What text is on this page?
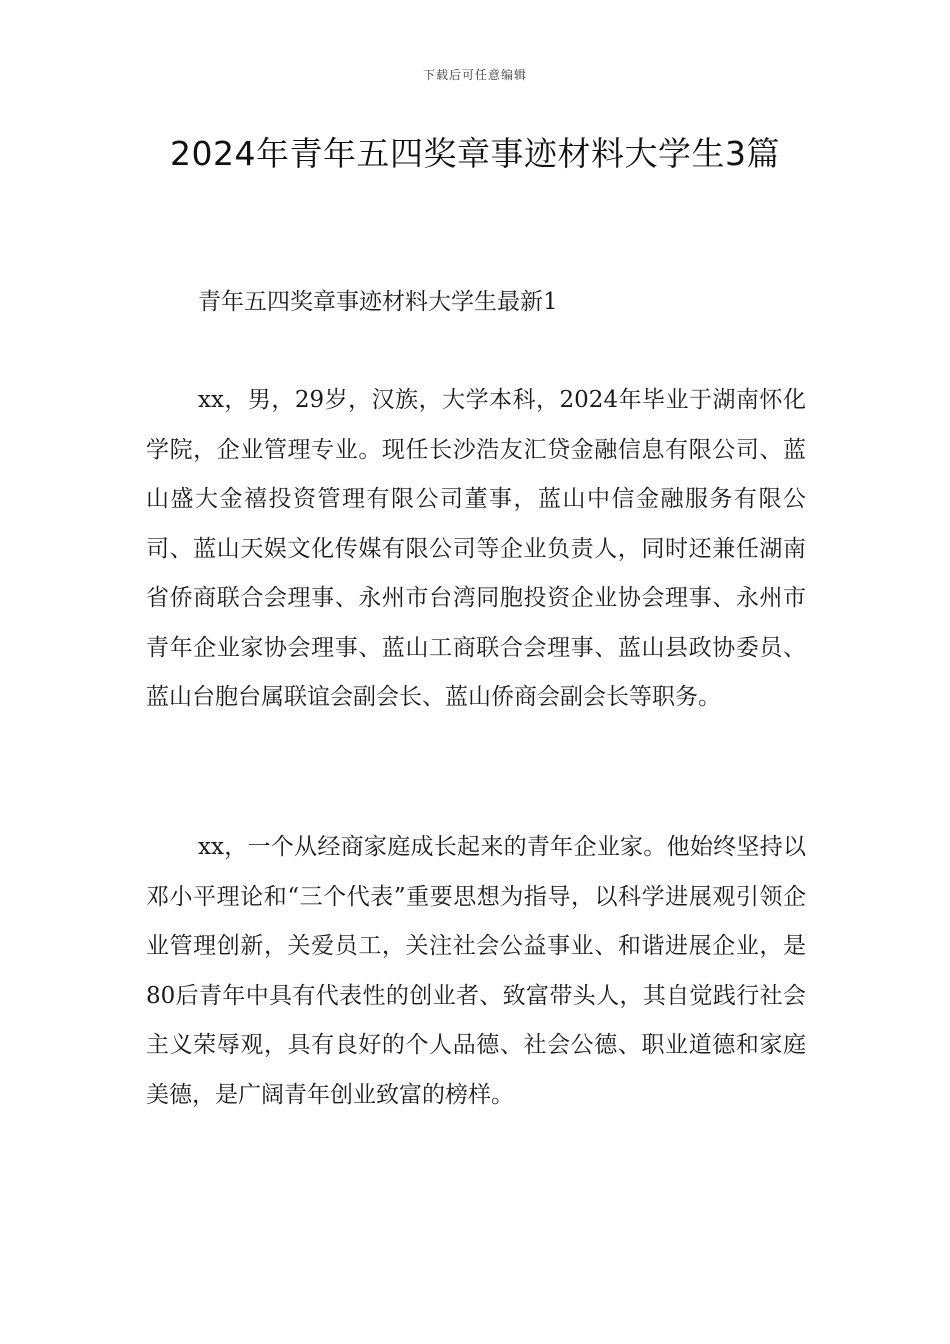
下载后可任意编辑
2024年青年五四奖章事迹材料大学生3篇
青年五四奖章事迹材料大学生最新1

xx，男，29岁，汉族，大学本科，2024年毕业于湖南怀化学院，企业管理专业。现任长沙浩友汇贷金融信息有限公司、蓝山盛大金禧投资管理有限公司董事，蓝山中信金融服务有限公司、蓝山天娱文化传媒有限公司等企业负责人，同时还兼任湖南省侨商联合会理事、永州市台湾同胞投资企业协会理事、永州市青年企业家协会理事、蓝山工商联合会理事、蓝山县政协委员、蓝山台胞台属联谊会副会长、蓝山侨商会副会长等职务。

xx，一个从经商家庭成长起来的青年企业家。他始终坚持以邓小平理论和“三个代表”重要思想为指导，以科学进展观引领企业管理创新，关爱员工，关注社会公益事业、和谐进展企业，是80后青年中具有代表性的创业者、致富带头人，其自觉践行社会主义荣辱观，具有良好的个人品德、社会公德、职业道德和家庭美德，是广阔青年创业致富的榜样。
